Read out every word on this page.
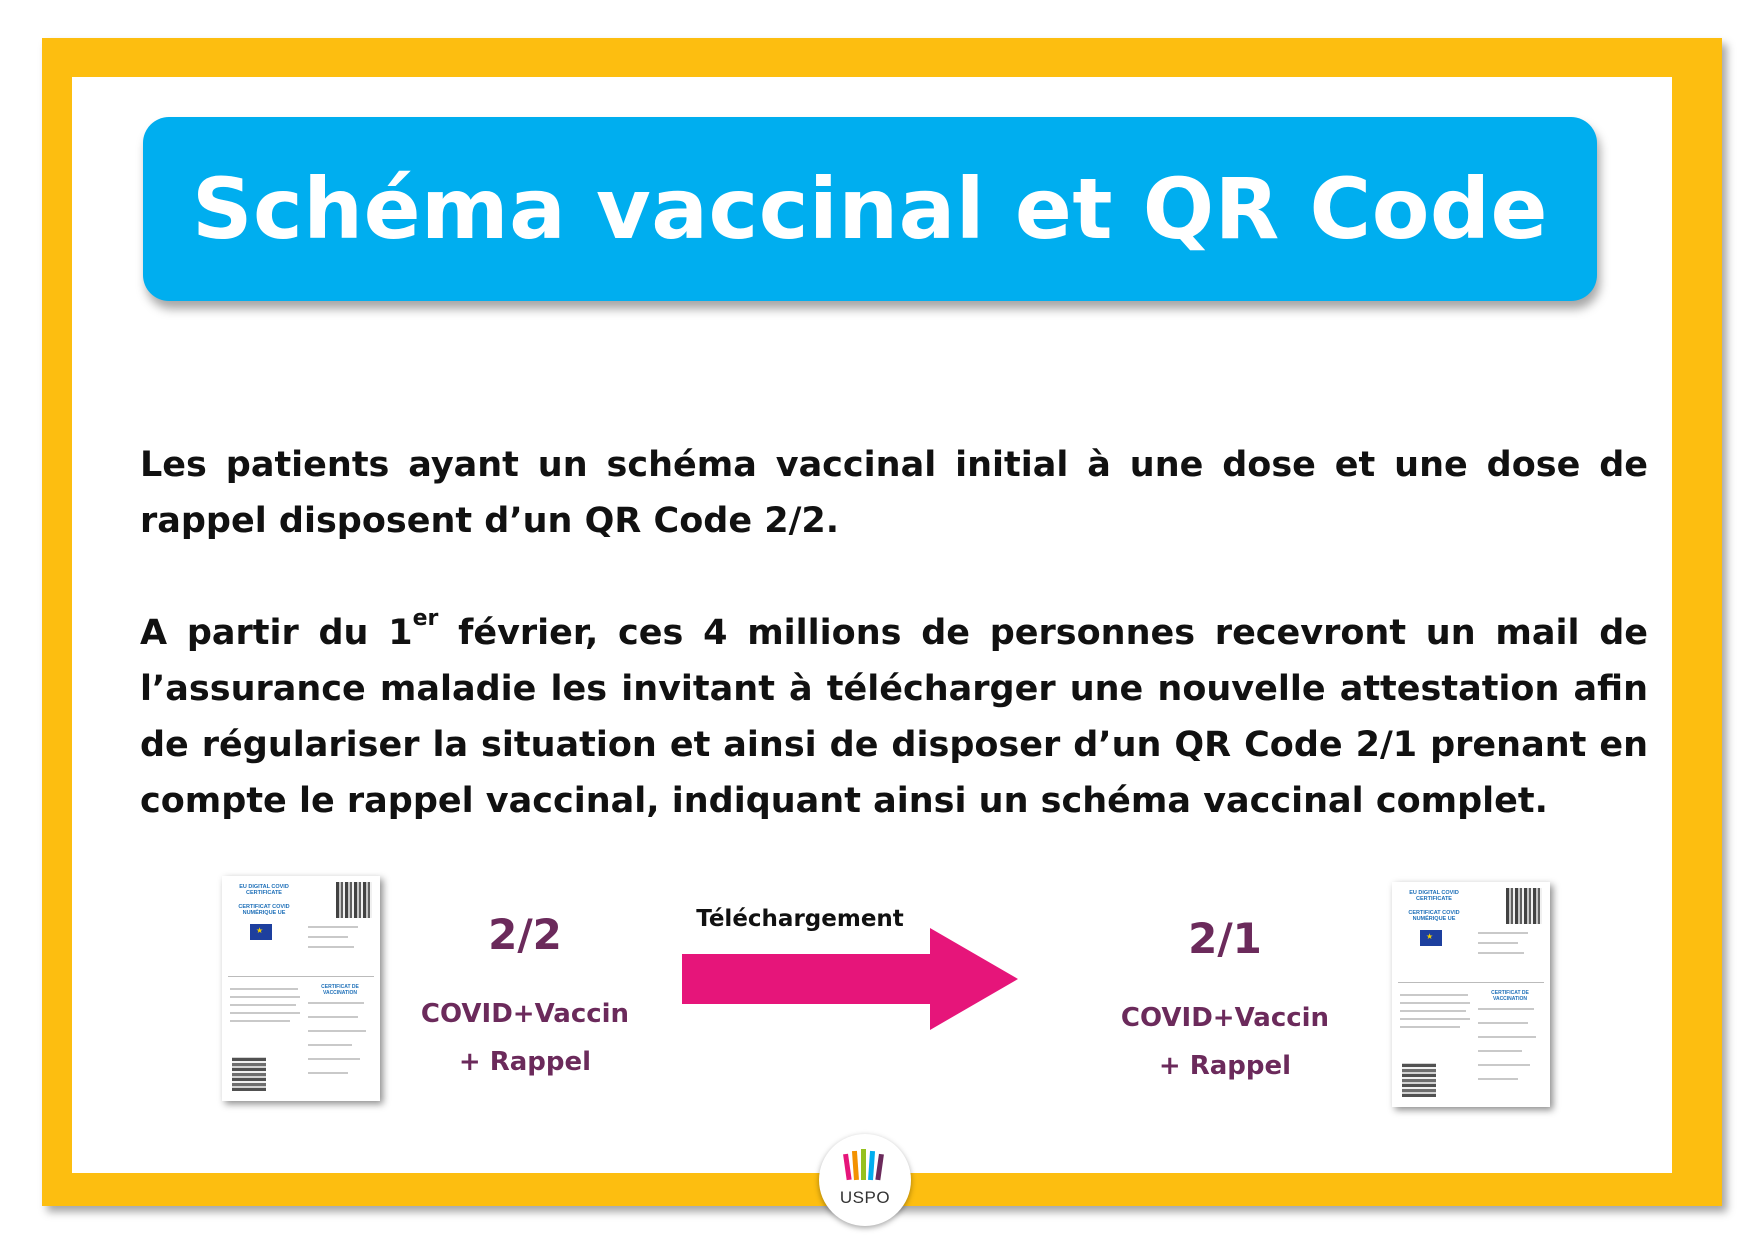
Schéma vaccinal et QR Code

Les patients ayant un schéma vaccinal initial à une dose et une dose de rappel disposent d’un QR Code 2/2.

A partir du 1er février, ces 4 millions de personnes recevront un mail de l’assurance maladie les invitant à télécharger une nouvelle attestation afin de régulariser la situation et ainsi de disposer d’un QR Code 2/1 prenant en compte le rappel vaccinal, indiquant ainsi un schéma vaccinal complet.

EU DIGITAL COVID CERTIFICATE
CERTIFICAT COVID NUMÉRIQUE UE
★
CERTIFICAT DE VACCINATION
2/2
COVID+Vaccin
+ Rappel
Téléchargement	2/1
COVID+Vaccin
+ Rappel
EU DIGITAL COVID CERTIFICATE
CERTIFICAT COVID NUMÉRIQUE UE
★
CERTIFICAT DE VACCINATION
USPO
